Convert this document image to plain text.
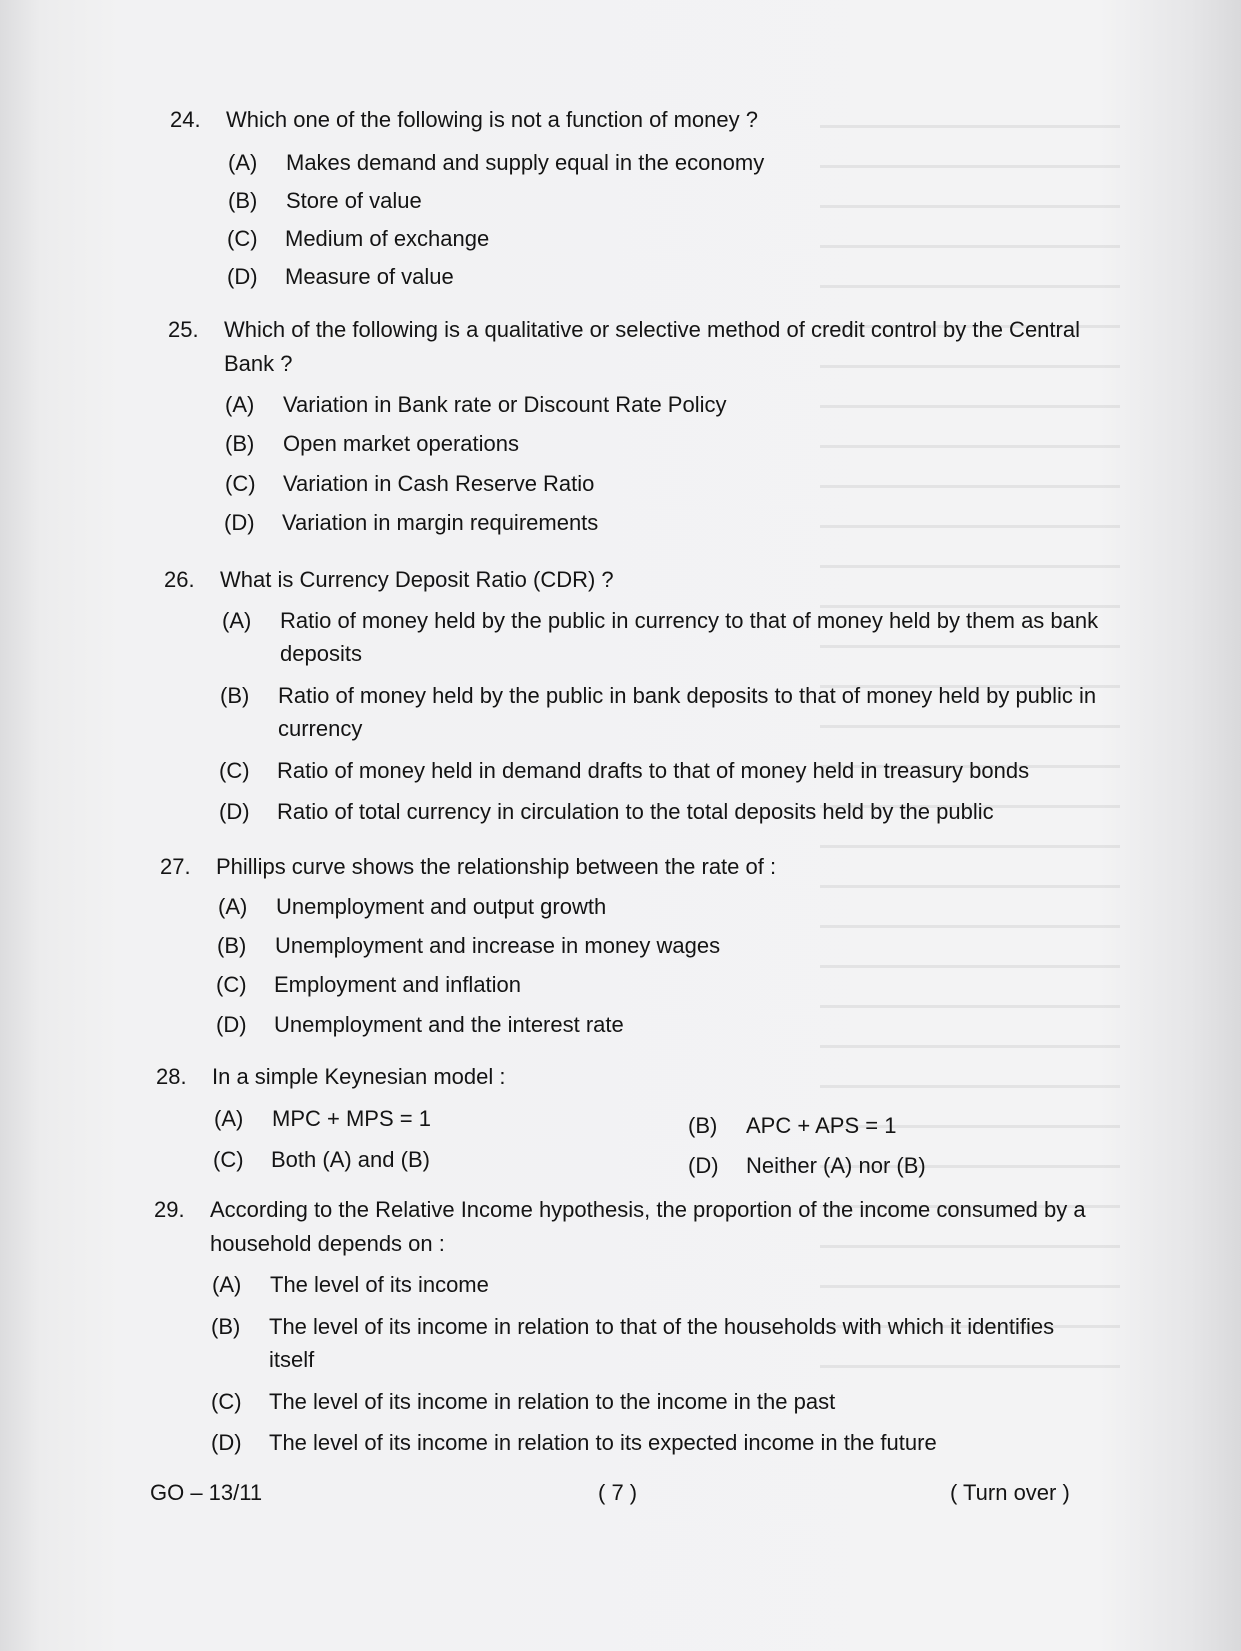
24. Which one of the following is not a function of money ?
(A) Makes demand and supply equal in the economy
(B) Store of value
(C) Medium of exchange
(D) Measure of value
25. Which of the following is a qualitative or selective method of credit control by the Central Bank ?
(A) Variation in Bank rate or Discount Rate Policy
(B) Open market operations
(C) Variation in Cash Reserve Ratio
(D) Variation in margin requirements
26. What is Currency Deposit Ratio (CDR) ?
(A) Ratio of money held by the public in currency to that of money held by them as bank deposits
(B) Ratio of money held by the public in bank deposits to that of money held by public in currency
(C) Ratio of money held in demand drafts to that of money held in treasury bonds
(D) Ratio of total currency in circulation to the total deposits held by the public
27. Phillips curve shows the relationship between the rate of :
(A) Unemployment and output growth
(B) Unemployment and increase in money wages
(C) Employment and inflation
(D) Unemployment and the interest rate
28. In a simple Keynesian model :
(A) MPC + MPS = 1	(B) APC + APS = 1
(C) Both (A) and (B)	(D) Neither (A) nor (B)
29. According to the Relative Income hypothesis, the proportion of the income consumed by a household depends on :
(A) The level of its income
(B) The level of its income in relation to that of the households with which it identifies itself
(C) The level of its income in relation to the income in the past
(D) The level of its income in relation to its expected income in the future
GO – 13/11	( 7 )	( Turn over )
